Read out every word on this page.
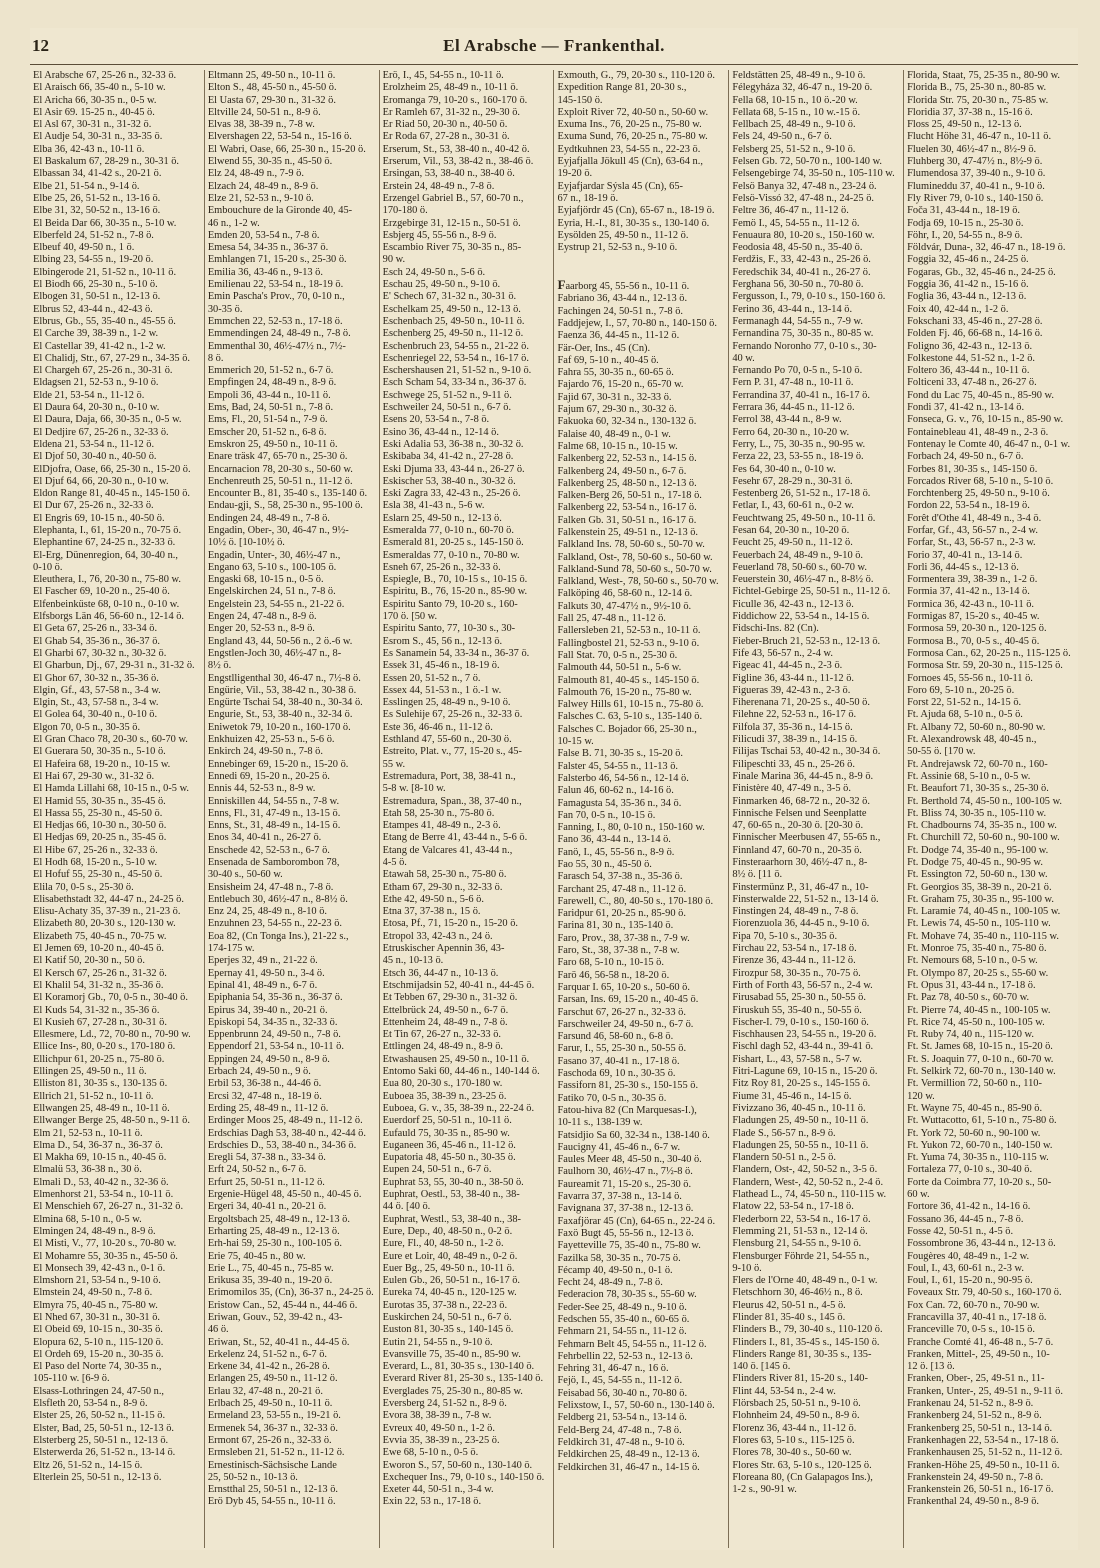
12	El Arabsche — Frankenthal.
El Arabsche 67, 25-26 n., 32-33 ö.
El Araisch 66, 35-40 n., 5-10 w.
El Aricha 66, 30-35 n., 0-5 w.
El Asir 69. 15-25 n., 40-45 ö.
El Asl 67, 30-31 n., 31-32 ö.
El Audje 54, 30-31 n., 33-35 ö.
Elba 36, 42-43 n., 10-11 ö.
El Baskalum 67, 28-29 n., 30-31 ö.
Elbassan 34, 41-42 s., 20-21 ö.
Elbe 21, 51-54 n., 9-14 ö.
Elbe 25, 26, 51-52 n., 13-16 ö.
Elbe 31, 32, 50-52 n., 13-16 ö.
El Beida Dar 66, 30-35 n., 5-10 w.
Elberfeld 24, 51-52 n., 7-8 ö.
Elbeuf 40, 49-50 n., 1 ö.
Elbing 23, 54-55 n., 19-20 ö.
Elbingerode 21, 51-52 n., 10-11 ö.
El Biodh 66, 25-30 n., 5-10 ö.
Elbogen 31, 50-51 n., 12-13 ö.
Elbrus 52, 43-44 n., 42-43 ö.
Elbrus, Gb., 55, 35-40 n., 45-55 ö.
El Carche 39, 38-39 n., 1-2 w.
El Castellar 39, 41-42 n., 1-2 w.
El Chalidj, Str., 67, 27-29 n., 34-35 ö.
El Chargeh 67, 25-26 n., 30-31 ö.
Eldagsen 21, 52-53 n., 9-10 ö.
Elde 21, 53-54 n., 11-12 ö.
El Daura 64, 20-30 n., 0-10 w.
El Daura, Daja, 66, 30-35 n., 0-5 w.
El Dedjire 67, 25-26 n., 32-33 ö.
Eldena 21, 53-54 n., 11-12 ö.
El Djof 50, 30-40 n., 40-50 ö.
ElDjofra, Oase, 66, 25-30 n., 15-20 ö.
El Djuf 64, 66, 20-30 n., 0-10 w.
Eldon Range 81, 40-45 n., 145-150 ö.
El Dur 67, 25-26 n., 32-33 ö.
El Engris 69, 10-15 n., 40-50 ö.
Elephanta, I., 61, 15-20 n., 70-75 ö.
Elephantine 67, 24-25 n., 32-33 ö.
El-Erg, Dünenregion, 64, 30-40 n.,
0-10 ö.
Eleuthera, I., 76, 20-30 n., 75-80 w.
El Fascher 69, 10-20 n., 25-40 ö.
Elfenbeinküste 68, 0-10 n., 0-10 w.
Elfsborgs Län 46, 56-60 n., 12-14 ö.
El Geta 67, 25-26 n., 33-34 ö.
El Ghab 54, 35-36 n., 36-37 ö.
El Gharbi 67, 30-32 n., 30-32 ö.
El Gharbun, Dj., 67, 29-31 n., 31-32 ö.
El Ghor 67, 30-32 n., 35-36 ö.
Elgin, Gf., 43, 57-58 n., 3-4 w.
Elgin, St., 43, 57-58 n., 3-4 w.
El Golea 64, 30-40 n., 0-10 ö.
Elgon 70, 0-5 n., 30-35 ö.
El Gran Chaco 78, 20-30 s., 60-70 w.
El Guerara 50, 30-35 n., 5-10 ö.
El Hafeira 68, 19-20 n., 10-15 w.
El Hai 67, 29-30 w., 31-32 ö.
El Hamda Lillahi 68, 10-15 n., 0-5 w.
El Hamid 55, 30-35 n., 35-45 ö.
El Hassa 55, 25-30 n., 45-50 ö.
El Hedjas 66, 10-30 n., 30-50 ö.
El Hedjas 69, 20-25 n., 35-45 ö.
El Hibe 67, 25-26 n., 32-33 ö.
El Hodh 68, 15-20 n., 5-10 w.
El Hofuf 55, 25-30 n., 45-50 ö.
Elila 70, 0-5 s., 25-30 ö.
Elisabethstadt 32, 44-47 n., 24-25 ö.
Elisu-Achaty 35, 37-39 n., 21-23 ö.
Elizabeth 80, 20-30 s., 120-130 w.
Elizabeth 75, 40-45 n., 70-75 w.
El Jemen 69, 10-20 n., 40-45 ö.
El Katif 50, 20-30 n., 50 ö.
El Kersch 67, 25-26 n., 31-32 ö.
El Khalil 54, 31-32 n., 35-36 ö.
El Koramorj Gb., 70, 0-5 n., 30-40 ö.
El Kuds 54, 31-32 n., 35-36 ö.
El Kusieh 67, 27-28 n., 30-31 ö.
Ellesmere, Ld., 72, 70-80 n., 70-90 w.
Ellice Ins-, 80, 0-20 s., 170-180 ö.
Ellichpur 61, 20-25 n., 75-80 ö.
Ellingen 25, 49-50 n., 11 ö.
Elliston 81, 30-35 s., 130-135 ö.
Ellrich 21, 51-52 n., 10-11 ö.
Ellwangen 25, 48-49 n., 10-11 ö.
Ellwanger Berge 25, 48-50 n., 9-11 ö.
Elm 21, 52-53 n., 10-11 ö.
Elma D., 54, 36-37 n., 36-37 ö.
El Makha 69, 10-15 n., 40-45 ö.
Elmalü 53, 36-38 n., 30 ö.
Elmali D., 53, 40-42 n., 32-36 ö.
Elmenhorst 21, 53-54 n., 10-11 ö.
El Menschieh 67, 26-27 n., 31-32 ö.
Elmina 68, 5-10 n., 0-5 w.
Elmingen 24, 48-49 n., 8-9 ö.
El Misti, V., 77, 10-20 s., 70-80 w.
El Mohamre 55, 30-35 n., 45-50 ö.
El Monsech 39, 42-43 n., 0-1 ö.
Elmshorn 21, 53-54 n., 9-10 ö.
Elmstein 24, 49-50 n., 7-8 ö.
Elmyra 75, 40-45 n., 75-80 w.
El Nhed 67, 30-31 n., 30-31 ö.
El Obeid 69, 10-15 n., 30-35 ö.
Elopura 62, 5-10 n., 115-120 ö.
El Ordeh 69, 15-20 n., 30-35 ö.
El Paso del Norte 74, 30-35 n.,
105-110 w. [6-9 ö.
Elsass-Lothringen 24, 47-50 n.,
Elsfleth 20, 53-54 n., 8-9 ö.
Elster 25, 26, 50-52 n., 11-15 ö.
Elster, Bad, 25, 50-51 n., 12-13 ö.
Elsterberg 25, 50-51 n., 12-13 ö.
Elsterwerda 26, 51-52 n., 13-14 ö.
Eltz 26, 51-52 n., 14-15 ö.
Elterlein 25, 50-51 n., 12-13 ö.
Eltmann 25, 49-50 n., 10-11 ö.
Elton S., 48, 45-50 n., 45-50 ö.
El Uasta 67, 29-30 n., 31-32 ö.
Eltville 24, 50-51 n., 8-9 ö.
Elvas 38, 38-39 n., 7-8 w.
Elvershagen 22, 53-54 n., 15-16 ö.
El Wabri, Oase, 66, 25-30 n., 15-20 ö.
Elwend 55, 30-35 n., 45-50 ö.
Elz 24, 48-49 n., 7-9 ö.
Elzach 24, 48-49 n., 8-9 ö.
Elze 21, 52-53 n., 9-10 ö.
Embouchure de la Gironde 40, 45-
46 n., 1-2 w.
Emden 20, 53-54 n., 7-8 ö.
Emesa 54, 34-35 n., 36-37 ö.
Emhlangen 71, 15-20 s., 25-30 ö.
Emilia 36, 43-46 n., 9-13 ö.
Emilienau 22, 53-54 n., 18-19 ö.
Emin Pascha's Prov., 70, 0-10 n.,
30-35 ö.
Emmchen 22, 52-53 n., 17-18 ö.
Emmendingen 24, 48-49 n., 7-8 ö.
Emmenthal 30, 46½-47½ n., 7½-
8 ö.
Emmerich 20, 51-52 n., 6-7 ö.
Empfingen 24, 48-49 n., 8-9 ö.
Empoli 36, 43-44 n., 10-11 ö.
Ems, Bad, 24, 50-51 n., 7-8 ö.
Ems, Fl., 20, 51-54 n., 7-9 ö.
Emscher 20, 51-52 n., 6-8 ö.
Emskron 25, 49-50 n., 10-11 ö.
Enare träsk 47, 65-70 n., 25-30 ö.
Encarnacion 78, 20-30 s., 50-60 w.
Enchenreuth 25, 50-51 n., 11-12 ö.
Encounter B., 81, 35-40 s., 135-140 ö.
Endau-gji, S., 58, 25-30 n., 95-100 ö.
Endingen 24, 48-49 n., 7-8 ö.
Engadin, Ober-, 30, 46-47 n., 9½-
10½ ö. [10-10½ ö.
Engadin, Unter-, 30, 46½-47 n.,
Engano 63, 5-10 s., 100-105 ö.
Engaski 68, 10-15 n., 0-5 ö.
Engelskirchen 24, 51 n., 7-8 ö.
Engelstein 23, 54-55 n., 21-22 ö.
Engen 24, 47-48 n., 8-9 ö.
Enger 20, 52-53 n., 8-9 ö.
England 43, 44, 50-56 n., 2 ö.-6 w.
Engstlen-Joch 30, 46½-47 n., 8-
8½ ö.
Engstlligenthal 30, 46-47 n., 7½-8 ö.
Engürie, Vil., 53, 38-42 n., 30-38 ö.
Engürte Tschai 54, 38-40 n., 30-34 ö.
Engurie, St., 53, 38-40 n., 32-34 ö.
Eniwetok 79, 10-20 n., 160-170 ö.
Enkhuizen 42, 25-53 n., 5-6 ö.
Enkirch 24, 49-50 n., 7-8 ö.
Ennebinger 69, 15-20 n., 15-20 ö.
Ennedi 69, 15-20 n., 20-25 ö.
Ennis 44, 52-53 n., 8-9 w.
Enniskillen 44, 54-55 n., 7-8 w.
Enns, Fl., 31, 47-49 n., 13-15 ö.
Enns, St., 31, 48-49 n., 14-15 ö.
Enos 34, 40-41 n., 26-27 ö.
Enschede 42, 52-53 n., 6-7 ö.
Ensenada de Samborombon 78,
30-40 s., 50-60 w.
Ensisheim 24, 47-48 n., 7-8 ö.
Entlebuch 30, 46½-47 n., 8-8½ ö.
Enz 24, 25, 48-49 n., 8-10 ö.
Enzuhnen 23, 54-55 n., 22-23 ö.
Eoa 82, (Cn Tonga Ins.), 21-22 s.,
174-175 w.
Eperjes 32, 49 n., 21-22 ö.
Epernay 41, 49-50 n., 3-4 ö.
Epinal 41, 48-49 n., 6-7 ö.
Epiphania 54, 35-36 n., 36-37 ö.
Epirus 34, 39-40 n., 20-21 ö.
Episkopi 54, 34-35 n., 32-33 ö.
Eppenbrunn 24, 49-50 n., 7-8 ö.
Eppendorf 21, 53-54 n., 10-11 ö.
Eppingen 24, 49-50 n., 8-9 ö.
Erbach 24, 49-50 n., 9 ö.
Erbil 53, 36-38 n., 44-46 ö.
Ercsi 32, 47-48 n., 18-19 ö.
Erding 25, 48-49 n., 11-12 ö.
Erdinger Moos 25, 48-49 n., 11-12 ö.
Erdschias Dagh 53, 38-40 n., 42-44 ö.
Erdschies D., 53, 38-40 n., 34-36 ö.
Eregli 54, 37-38 n., 33-34 ö.
Erft 24, 50-52 n., 6-7 ö.
Erfurt 25, 50-51 n., 11-12 ö.
Ergenie-Hügel 48, 45-50 n., 40-45 ö.
Ergeri 34, 40-41 n., 20-21 ö.
Ergoltsbach 25, 48-49 n., 12-13 ö.
Erharting 25, 48-49 n., 12-13 ö.
Erh-hai 59, 25-30 n., 100-105 ö.
Erie 75, 40-45 n., 80 w.
Erie L., 75, 40-45 n., 75-85 w.
Erikusa 35, 39-40 n., 19-20 ö.
Erimomilos 35, (Cn), 36-37 n., 24-25 ö.
Eristow Can., 52, 45-44 n., 44-46 ö.
Eriwan, Gouv., 52, 39-42 n., 43-
46 ö.
Eriwan, St., 52, 40-41 n., 44-45 ö.
Erkelenz 24, 51-52 n., 6-7 ö.
Erkene 34, 41-42 n., 26-28 ö.
Erlangen 25, 49-50 n., 11-12 ö.
Erlau 32, 47-48 n., 20-21 ö.
Erlbach 25, 49-50 n., 10-11 ö.
Ermeland 23, 53-55 n., 19-21 ö.
Ermenek 54, 36-37 n., 32-33 ö.
Ermont 67, 25-26 n., 32-33 ö.
Ermsleben 21, 51-52 n., 11-12 ö.
Ernestinisch-Sächsische Lande
25, 50-52 n., 10-13 ö.
Ernstthal 25, 50-51 n., 12-13 ö.
Erö Dyb 45, 54-55 n., 10-11 ö.
Erö, I., 45, 54-55 n., 10-11 ö.
Erolzheim 25, 48-49 n., 10-11 ö.
Eromanga 79, 10-20 s., 160-170 ö.
Er Ramleh 67, 31-32 n., 29-30 ö.
Er Riad 50, 20-30 n., 40-50 ö.
Er Roda 67, 27-28 n., 30-31 ö.
Erserum, St., 53, 38-40 n., 40-42 ö.
Erserum, Vil., 53, 38-42 n., 38-46 ö.
Ersingan, 53, 38-40 n., 38-40 ö.
Erstein 24, 48-49 n., 7-8 ö.
Erzengel Gabriel B., 57, 60-70 n.,
170-180 ö.
Erzgebirge 31, 12-15 n., 50-51 ö.
Esbjerg 45, 55-56 n., 8-9 ö.
Escambio River 75, 30-35 n., 85-
90 w.
Esch 24, 49-50 n., 5-6 ö.
Eschau 25, 49-50 n., 9-10 ö.
E' Schech 67, 31-32 n., 30-31 ö.
Eschelkam 25, 49-50 n., 12-13 ö.
Eschenbach 25, 49-50 n., 10-11 ö.
Eschenberg 25, 49-50 n., 11-12 ö.
Eschenbruch 23, 54-55 n., 21-22 ö.
Eschenriegel 22, 53-54 n., 16-17 ö.
Eschershausen 21, 51-52 n., 9-10 ö.
Esch Scham 54, 33-34 n., 36-37 ö.
Eschwege 25, 51-52 n., 9-11 ö.
Eschweiler 24, 50-51 n., 6-7 ö.
Esens 20, 53-54 n., 7-8 ö.
Esino 36, 43-44 n., 12-14 ö.
Eski Adalia 53, 36-38 n., 30-32 ö.
Eskibaba 34, 41-42 n., 27-28 ö.
Eski Djuma 33, 43-44 n., 26-27 ö.
Eskischer 53, 38-40 n., 30-32 ö.
Eski Zagra 33, 42-43 n., 25-26 ö.
Esla 38, 41-43 n., 5-6 w.
Eslarn 25, 49-50 n., 12-13 ö.
Esmeralda 77, 0-10 n., 60-70 ö.
Esmerald 81, 20-25 s., 145-150 ö.
Esmeraldas 77, 0-10 n., 70-80 w.
Esneh 67, 25-26 n., 32-33 ö.
Espiegle, B., 70, 10-15 s., 10-15 ö.
Espiritu, B., 76, 15-20 n., 85-90 w.
Espiritu Santo 79, 10-20 s., 160-
170 ö. [50 w.
Espiritu Santo, 77, 10-30 s., 30-
Esrom S., 45, 56 n., 12-13 ö.
Es Sanamein 54, 33-34 n., 36-37 ö.
Essek 31, 45-46 n., 18-19 ö.
Essen 20, 51-52 n., 7 ö.
Essex 44, 51-53 n., 1 ö.-1 w.
Esslingen 25, 48-49 n., 9-10 ö.
Es Sulehije 67, 25-26 n., 32-33 ö.
Este 36, 46-46 n., 11-12 ö.
Esthland 47, 55-60 n., 20-30 ö.
Estreito, Plat. v., 77, 15-20 s., 45-
55 w.
Estremadura, Port, 38, 38-41 n.,
5-8 w. [8-10 w.
Estremadura, Span., 38, 37-40 n.,
Etah 58, 25-30 n., 75-80 ö.
Etampes 41, 48-49 n., 2-3 ö.
Etang de Berre 41, 43-44 n., 5-6 ö.
Etang de Valcares 41, 43-44 n.,
4-5 ö.
Etawah 58, 25-30 n., 75-80 ö.
Etham 67, 29-30 n., 32-33 ö.
Ethe 42, 49-50 n., 5-6 ö.
Etna 37, 37-38 n., 15 ö.
Etosa, Pf., 71, 15-20 n., 15-20 ö.
Etropol 33, 42-43 n., 24 ö.
Etruskischer Apennin 36, 43-
45 n., 10-13 ö.
Etsch 36, 44-47 n., 10-13 ö.
Etschmijadsin 52, 40-41 n., 44-45 ö.
Et Tebben 67, 29-30 n., 31-32 ö.
Ettelbrück 24, 49-50 n., 6-7 ö.
Ettenheim 24, 48-49 n., 7-8 ö.
Et Tin 67, 26-27 n., 32-33 ö.
Ettlingen 24, 48-49 n., 8-9 ö.
Etwashausen 25, 49-50 n., 10-11 ö.
Entomo Saki 60, 44-46 n., 140-144 ö.
Eua 80, 20-30 s., 170-180 w.
Euboea 35, 38-39 n., 23-25 ö.
Euboea, G. v., 35, 38-39 n., 22-24 ö.
Euerdorf 25, 50-51 n., 10-11 ö.
Eufauld 75, 30-35 n., 85-90 w.
Euganeen 36, 45-46 n., 11-12 ö.
Eupatoria 48, 45-50 n., 30-35 ö.
Eupen 24, 50-51 n., 6-7 ö.
Euphrat 53, 55, 30-40 n., 38-50 ö.
Euphrat, Oestl., 53, 38-40 n., 38-
44 ö. [40 ö.
Euphrat, Westl., 53, 38-40 n., 38-
Eure, Dep., 40, 48-50 n., 0-2 ö.
Eure, Fl., 40, 48-50 n., 1-2 ö.
Eure et Loir, 40, 48-49 n., 0-2 ö.
Euer Bg., 25, 49-50 n., 10-11 ö.
Eulen Gb., 26, 50-51 n., 16-17 ö.
Eureka 74, 40-45 n., 120-125 w.
Eurotas 35, 37-38 n., 22-23 ö.
Euskirchen 24, 50-51 n., 6-7 ö.
Euston 81, 30-35 s., 140-145 ö.
Eutin 21, 54-55 n., 9-10 ö.
Evansville 75, 35-40 n., 85-90 w.
Everard, L., 81, 30-35 s., 130-140 ö.
Everard River 81, 25-30 s., 135-140 ö.
Everglades 75, 25-30 n., 80-85 w.
Eversberg 24, 51-52 n., 8-9 ö.
Evora 38, 38-39 n., 7-8 w.
Evreux 40, 49-50 n., 1-2 ö.
Evvia 35, 38-39 n., 23-25 ö.
Ewe 68, 5-10 n., 0-5 ö.
Eworon S., 57, 50-60 n., 130-140 ö.
Exchequer Ins., 79, 0-10 s., 140-150 ö.
Exeter 44, 50-51 n., 3-4 w.
Exin 22, 53 n., 17-18 ö.
Exmouth, G., 79, 20-30 s., 110-120 ö.
Expedition Range 81, 20-30 s.,
145-150 ö.
Exploit River 72, 40-50 n., 50-60 w.
Exuma Ins., 76, 20-25 n., 75-80 w.
Exuma Sund, 76, 20-25 n., 75-80 w.
Eydtkuhnen 23, 54-55 n., 22-23 ö.
Eyjafjalla Jökull 45 (Cn), 63-64 n.,
19-20 ö.
Eyjafjardar Sýsla 45 (Cn), 65-
67 n., 18-19 ö.
Eyjafjördr 45 (Cn), 65-67 n., 18-19 ö.
Eyria, H.-I., 81, 30-35 s., 130-140 ö.
Eysölden 25, 49-50 n., 11-12 ö.
Eystrup 21, 52-53 n., 9-10 ö.

Faarborg 45, 55-56 n., 10-11 ö.
Fabriano 36, 43-44 n., 12-13 ö.
Fachingen 24, 50-51 n., 7-8 ö.
Faddjejew, I., 57, 70-80 n., 140-150 ö.
Faenza 36, 44-45 n., 11-12 ö.
Fär-Oer, Ins., 45 (Cn).
Faf 69, 5-10 n., 40-45 ö.
Fahra 55, 30-35 n., 60-65 ö.
Fajardo 76, 15-20 n., 65-70 w.
Fajid 67, 30-31 n., 32-33 ö.
Fajum 67, 29-30 n., 30-32 ö.
Fakuoka 60, 32-34 n., 130-132 ö.
Falaise 40, 48-49 n., 0-1 w.
Falme 68, 10-15 n., 10-15 w.
Falkenberg 22, 52-53 n., 14-15 ö.
Falkenberg 24, 49-50 n., 6-7 ö.
Falkenberg 25, 48-50 n., 12-13 ö.
Falken-Berg 26, 50-51 n., 17-18 ö.
Falkenberg 22, 53-54 n., 16-17 ö.
Falken Gb. 31, 50-51 n., 16-17 ö.
Falkenstein 25, 49-51 n., 12-13 ö.
Falkland Ins. 78, 50-60 s., 50-70 w.
Falkland, Ost-, 78, 50-60 s., 50-60 w.
Falkland-Sund 78, 50-60 s., 50-70 w.
Falkland, West-, 78, 50-60 s., 50-70 w.
Falköping 46, 58-60 n., 12-14 ö.
Falkuts 30, 47-47½ n., 9½-10 ö.
Fall 25, 47-48 n., 11-12 ö.
Fallersleben 21, 52-53 n., 10-11 ö.
Fallingbostel 21, 52-53 n., 9-10 ö.
Fall Stat. 70, 0-5 n., 25-30 ö.
Falmouth 44, 50-51 n., 5-6 w.
Falmouth 81, 40-45 s., 145-150 ö.
Falmouth 76, 15-20 n., 75-80 w.
Falwey Hills 61, 10-15 n., 75-80 ö.
Falsches C. 63, 5-10 s., 135-140 ö.
Falsches C. Bojador 66, 25-30 n.,
10-15 w.
False B. 71, 30-35 s., 15-20 ö.
Falster 45, 54-55 n., 11-13 ö.
Falsterbo 46, 54-56 n., 12-14 ö.
Falun 46, 60-62 n., 14-16 ö.
Famagusta 54, 35-36 n., 34 ö.
Fan 70, 0-5 n., 10-15 ö.
Fanning, I., 80, 0-10 n., 150-160 w.
Fano 36, 43-44 n., 13-14 ö.
Fanö, I., 45, 55-56 n., 8-9 ö.
Fao 55, 30 n., 45-50 ö.
Farasch 54, 37-38 n., 35-36 ö.
Farchant 25, 47-48 n., 11-12 ö.
Farewell, C., 80, 40-50 s., 170-180 ö.
Faridpur 61, 20-25 n., 85-90 ö.
Farina 81, 30 n., 135-140 ö.
Faro, Prov., 38, 37-38 n., 7-9 w.
Faro, St., 38, 37-38 n., 7-8 w.
Faro 68, 5-10 n., 10-15 ö.
Farö 46, 56-58 n., 18-20 ö.
Farquar I. 65, 10-20 s., 50-60 ö.
Farsan, Ins. 69, 15-20 n., 40-45 ö.
Farschut 67, 26-27 n., 32-33 ö.
Farschweiler 24, 49-50 n., 6-7 ö.
Farsund 46, 58-60 n., 6-8 ö.
Farur, I., 55, 25-30 n., 50-55 ö.
Fasano 37, 40-41 n., 17-18 ö.
Faschoda 69, 10 n., 30-35 ö.
Fassiforn 81, 25-30 s., 150-155 ö.
Fatiko 70, 0-5 n., 30-35 ö.
Fatou-hiva 82 (Cn Marquesas-I.),
10-11 s., 138-139 w.
Fatsidjio Sa 60, 32-34 n., 138-140 ö.
Faucigny 41, 45-46 n., 6-7 w.
Faules Meer 48, 45-50 n., 30-40 ö.
Faulhorn 30, 46½-47 n., 7½-8 ö.
Faureamit 71, 15-20 s., 25-30 ö.
Favarra 37, 37-38 n., 13-14 ö.
Favignana 37, 37-38 n., 12-13 ö.
Faxafjörar 45 (Cn), 64-65 n., 22-24 ö.
Faxö Bugt 45, 55-56 n., 12-13 ö.
Fayetteville 75, 35-40 n., 75-80 w.
Fazilka 58, 30-35 n., 70-75 ö.
Fécamp 40, 49-50 n., 0-1 ö.
Fecht 24, 48-49 n., 7-8 ö.
Federacion 78, 30-35 s., 55-60 w.
Feder-See 25, 48-49 n., 9-10 ö.
Fedschen 55, 35-40 n., 60-65 ö.
Fehmarn 21, 54-55 n., 11-12 ö.
Fehmarn Belt 45, 54-55 n., 11-12 ö.
Fehrbellin 22, 52-53 n., 12-13 ö.
Fehring 31, 46-47 n., 16 ö.
Fejö, I., 45, 54-55 n., 11-12 ö.
Feisabad 56, 30-40 n., 70-80 ö.
Felixstow, I., 57, 50-60 n., 130-140 ö.
Feldberg 21, 53-54 n., 13-14 ö.
Feld-Berg 24, 47-48 n., 7-8 ö.
Feldkirch 31, 47-48 n., 9-10 ö.
Feldkirchen 25, 48-49 n., 12-13 ö.
Feldkirchen 31, 46-47 n., 14-15 ö.
Feldstätten 25, 48-49 n., 9-10 ö.
Félegyháza 32, 46-47 n., 19-20 ö.
Fella 68, 10-15 n., 10 ö.-20 w.
Fellata 68, 5-15 n., 10 w.-15 ö.
Fellbach 25, 48-49 n., 9-10 ö.
Fels 24, 49-50 n., 6-7 ö.
Felsberg 25, 51-52 n., 9-10 ö.
Felsen Gb. 72, 50-70 n., 100-140 w.
Felsengebirge 74, 35-50 n., 105-110 w.
Felsö Banya 32, 47-48 n., 23-24 ö.
Felsö-Vissó 32, 47-48 n., 24-25 ö.
Feltre 36, 46-47 n., 11-12 ö.
Femö I., 45, 54-55 n., 11-12 ö.
Fenuaura 80, 10-20 s., 150-160 w.
Feodosia 48, 45-50 n., 35-40 ö.
Ferdžis, F., 33, 42-43 n., 25-26 ö.
Feredschik 34, 40-41 n., 26-27 ö.
Ferghana 56, 30-50 n., 70-80 ö.
Fergusson, I., 79, 0-10 s., 150-160 ö.
Ferino 36, 43-44 n., 13-14 ö.
Fermanagh 44, 54-55 n., 7-9 w.
Fernandina 75, 30-35 n., 80-85 w.
Fernando Noronho 77, 0-10 s., 30-
40 w.
Fernando Po 70, 0-5 n., 5-10 ö.
Fern P. 31, 47-48 n., 10-11 ö.
Ferrandina 37, 40-41 n., 16-17 ö.
Ferrara 36, 44-45 n., 11-12 ö.
Ferrol 38, 43-44 n., 8-9 w.
Ferro 64, 20-30 n., 10-20 w.
Ferry, L., 75, 30-35 n., 90-95 w.
Ferza 22, 23, 53-55 n., 18-19 ö.
Fes 64, 30-40 n., 0-10 w.
Fesehr 67, 28-29 n., 30-31 ö.
Festenberg 26, 51-52 n., 17-18 ö.
Fetlar, I., 43, 60-61 n., 0-2 w.
Feuchtwang 25, 49-50 n., 10-11 ö.
Fesan 64, 20-30 n., 10-20 ö.
Feucht 25, 49-50 n., 11-12 ö.
Feuerbach 24, 48-49 n., 9-10 ö.
Feuerland 78, 50-60 s., 60-70 w.
Feuerstein 30, 46½-47 n., 8-8½ ö.
Fichtel-Gebirge 25, 50-51 n., 11-12 ö.
Ficulle 36, 42-43 n., 12-13 ö.
Fiddichow 22, 53-54 n., 14-15 ö.
Fidschi-Ins. 82 (Cn).
Fieber-Bruch 21, 52-53 n., 12-13 ö.
Fife 43, 56-57 n., 2-4 w.
Figeac 41, 44-45 n., 2-3 ö.
Figline 36, 43-44 n., 11-12 ö.
Figueras 39, 42-43 n., 2-3 ö.
Fiherenana 71, 20-25 s., 40-50 ö.
Filehne 22, 52-53 n., 16-17 ö.
Filfola 37, 35-36 n., 14-15 ö.
Filicudi 37, 38-39 n., 14-15 ö.
Filijas Tschai 53, 40-42 n., 30-34 ö.
Filipeschti 33, 45 n., 25-26 ö.
Finale Marina 36, 44-45 n., 8-9 ö.
Finistère 40, 47-49 n., 3-5 ö.
Finmarken 46, 68-72 n., 20-32 ö.
Finnische Felsen und Seenplatte
47, 60-65 n., 20-30 ö. [20-30 ö.
Finnischer Meerbusen 47, 55-65 n.,
Finnland 47, 60-70 n., 20-35 ö.
Finsteraarhorn 30, 46½-47 n., 8-
8½ ö. [11 ö.
Finstermünz P., 31, 46-47 n., 10-
Finsterwalde 22, 51-52 n., 13-14 ö.
Finstingen 24, 48-49 n., 7-8 ö.
Fiorenzuola 36, 44-45 n., 9-10 ö.
Fipa 70, 5-10 s., 30-35 ö.
Firchau 22, 53-54 n., 17-18 ö.
Firenze 36, 43-44 n., 11-12 ö.
Firozpur 58, 30-35 n., 70-75 ö.
Firth of Forth 43, 56-57 n., 2-4 w.
Firusabad 55, 25-30 n., 50-55 ö.
Firuskuh 55, 35-40 n., 50-55 ö.
Fischer-I. 79, 0-10 s., 150-160 ö.
Fischhausen 23, 54-55 n., 19-20 ö.
Fischl dagh 52, 43-44 n., 39-41 ö.
Fishart, L., 43, 57-58 n., 5-7 w.
Fitri-Lagune 69, 10-15 n., 15-20 ö.
Fitz Roy 81, 20-25 s., 145-155 ö.
Fiume 31, 45-46 n., 14-15 ö.
Fivizzano 36, 40-45 n., 10-11 ö.
Fladungen 25, 49-50 n., 10-11 ö.
Flade S., 56-57 n., 8-9 ö.
Fladungen 25, 50-55 n., 10-11 ö.
Flandern 50-51 n., 2-5 ö.
Flandern, Ost-, 42, 50-52 n., 3-5 ö.
Flandern, West-, 42, 50-52 n., 2-4 ö.
Flathead L., 74, 45-50 n., 110-115 w.
Flatow 22, 53-54 n., 17-18 ö.
Flederborn 22, 53-54 n., 16-17 ö.
Flemming 21, 51-53 n., 12-14 ö.
Flensburg 21, 54-55 n., 9-10 ö.
Flensburger Föhrde 21, 54-55 n.,
9-10 ö.
Flers de l'Orne 40, 48-49 n., 0-1 w.
Fletschhorn 30, 46-46½ n., 8 ö.
Fleurus 42, 50-51 n., 4-5 ö.
Flinder 81, 35-40 s., 145 ö.
Flinders B., 79, 30-40 s., 110-120 ö.
Flinders I., 81, 35-45 s., 145-150 ö.
Flinders Range 81, 30-35 s., 135-
140 ö. [145 ö.
Flinders River 81, 15-20 s., 140-
Flint 44, 53-54 n., 2-4 w.
Flörsbach 25, 50-51 n., 9-10 ö.
Flohnheim 24, 49-50 n., 8-9 ö.
Florenz 36, 43-44 n., 11-12 ö.
Flores 63, 5-10 s., 115-125 ö.
Flores 78, 30-40 s., 50-60 w.
Flores Str. 63, 5-10 s., 120-125 ö.
Floreana 80, (Cn Galapagos Ins.),
1-2 s., 90-91 w.
Florida, Staat, 75, 25-35 n., 80-90 w.
Florida B., 75, 25-30 n., 80-85 w.
Florida Str. 75, 20-30 n., 75-85 w.
Floridia 37, 37-38 n., 15-16 ö.
Floss 25, 49-50 n., 12-13 ö.
Flucht Höhe 31, 46-47 n., 10-11 ö.
Fluelen 30, 46½-47 n., 8½-9 ö.
Fluhberg 30, 47-47½ n., 8½-9 ö.
Flumendosa 37, 39-40 n., 9-10 ö.
Flumineddu 37, 40-41 n., 9-10 ö.
Fly River 79, 0-10 s., 140-150 ö.
Foča 31, 43-44 n., 18-19 ö.
Fodja 69, 10-15 n., 25-30 ö.
Föhr, I., 20, 54-55 n., 8-9 ö.
Földvár, Duna-, 32, 46-47 n., 18-19 ö.
Foggia 32, 45-46 n., 24-25 ö.
Fogaras, Gb., 32, 45-46 n., 24-25 ö.
Foggia 36, 41-42 n., 15-16 ö.
Foglia 36, 43-44 n., 12-13 ö.
Foix 40, 42-44 n., 1-2 ö.
Fokschani 33, 45-46 n., 27-28 ö.
Folden Fj. 46, 66-68 n., 14-16 ö.
Foligno 36, 42-43 n., 12-13 ö.
Folkestone 44, 51-52 n., 1-2 ö.
Foltero 36, 43-44 n., 10-11 ö.
Folticeni 33, 47-48 n., 26-27 ö.
Fond du Lac 75, 40-45 n., 85-90 w.
Fondi 37, 41-42 n., 13-14 ö.
Fonseca, G. v., 76, 10-15 n., 85-90 w.
Fontainebleau 41, 48-49 n., 2-3 ö.
Fontenay le Comte 40, 46-47 n., 0-1 w.
Forbach 24, 49-50 n., 6-7 ö.
Forbes 81, 30-35 s., 145-150 ö.
Forcados River 68, 5-10 n., 5-10 ö.
Forchtenberg 25, 49-50 n., 9-10 ö.
Fordon 22, 53-54 n., 18-19 ö.
Forêt d'Othe 41, 48-49 n., 3-4 ö.
Forfar, Gf., 43, 56-57 n., 2-4 w.
Forfar, St., 43, 56-57 n., 2-3 w.
Forio 37, 40-41 n., 13-14 ö.
Forli 36, 44-45 s., 12-13 ö.
Formentera 39, 38-39 n., 1-2 ö.
Formia 37, 41-42 n., 13-14 ö.
Formica 36, 42-43 n., 10-11 ö.
Formigas 87, 15-20 s., 40-45 w.
Formosa 59, 20-30 n., 120-125 ö.
Formosa B., 70, 0-5 s., 40-45 ö.
Formosa Can., 62, 20-25 n., 115-125 ö.
Formosa Str. 59, 20-30 n., 115-125 ö.
Fornoes 45, 55-56 n., 10-11 ö.
Foro 69, 5-10 n., 20-25 ö.
Forst 22, 51-52 n., 14-15 ö.
Ft. Ajuda 68, 5-10 n., 0-5 ö.
Ft. Albany 72, 50-60 n., 80-90 w.
Ft. Alexandrowsk 48, 40-45 n.,
50-55 ö. [170 w.
Ft. Andrejawsk 72, 60-70 n., 160-
Ft. Assinie 68, 5-10 n., 0-5 w.
Ft. Beaufort 71, 30-35 s., 25-30 ö.
Ft. Berthold 74, 45-50 n., 100-105 w.
Ft. Bliss 74, 30-35 n., 105-110 w.
Ft. Chadbourns 74, 35-35 n., 100 w.
Ft. Churchill 72, 50-60 n., 90-100 w.
Ft. Dodge 74, 35-40 n., 95-100 w.
Ft. Dodge 75, 40-45 n., 90-95 w.
Ft. Essington 72, 50-60 n., 130 w.
Ft. Georgios 35, 38-39 n., 20-21 ö.
Ft. Graham 75, 30-35 n., 95-100 w.
Ft. Laramie 74, 40-45 n., 100-105 w.
Ft. Lewis 74, 45-50 n., 105-110 w.
Ft. Mohave 74, 35-40 n., 110-115 w.
Ft. Monroe 75, 35-40 n., 75-80 ö.
Ft. Nemours 68, 5-10 n., 0-5 w.
Ft. Olympo 87, 20-25 s., 55-60 w.
Ft. Opus 31, 43-44 n., 17-18 ö.
Ft. Paz 78, 40-50 s., 60-70 w.
Ft. Pierre 74, 40-45 n., 100-105 w.
Ft. Rice 74, 45-50 n., 100-105 w.
Ft. Ruby 74, 40 n., 115-120 w.
Ft. St. James 68, 10-15 n., 15-20 ö.
Ft. S. Joaquin 77, 0-10 n., 60-70 w.
Ft. Selkirk 72, 60-70 n., 130-140 w.
Ft. Vermillion 72, 50-60 n., 110-
120 w.
Ft. Wayne 75, 40-45 n., 85-90 ö.
Ft. Wuttacotto, 61, 5-10 n., 75-80 ö.
Ft. York 72, 50-60 n., 90-100 w.
Ft. Yukon 72, 60-70 n., 140-150 w.
Ft. Yuma 74, 30-35 n., 110-115 w.
Fortaleza 77, 0-10 s., 30-40 ö.
Forte da Coimbra 77, 10-20 s., 50-
60 w.
Fortore 36, 41-42 n., 14-16 ö.
Fossano 36, 44-45 n., 7-8 ö.
Fosse 42, 50-51 n., 4-5 ö.
Fossombrone 36, 43-44 n., 12-13 ö.
Fougères 40, 48-49 n., 1-2 w.
Foul, I., 43, 60-61 n., 2-3 w.
Foul, I., 61, 15-20 n., 90-95 ö.
Foveaux Str. 79, 40-50 s., 160-170 ö.
Fox Can. 72, 60-70 n., 70-90 w.
Francavilla 37, 40-41 n., 17-18 ö.
Franceville 70, 0-5 s., 10-15 ö.
Franche Comté 41, 46-48 n., 5-7 ö.
Franken, Mittel-, 25, 49-50 n., 10-
12 ö. [13 ö.
Franken, Ober-, 25, 49-51 n., 11-
Franken, Unter-, 25, 49-51 n., 9-11 ö.
Frankenau 24, 51-52 n., 8-9 ö.
Frankenberg 24, 51-52 n., 8-9 ö.
Frankenberg 25, 50-51 n., 13-14 ö.
Frankenhagen 22, 53-54 n., 17-18 ö.
Frankenhausen 25, 51-52 n., 11-12 ö.
Franken-Höhe 25, 49-50 n., 10-11 ö.
Frankenstein 24, 49-50 n., 7-8 ö.
Frankenstein 26, 50-51 n., 16-17 ö.
Frankenthal 24, 49-50 n., 8-9 ö.
